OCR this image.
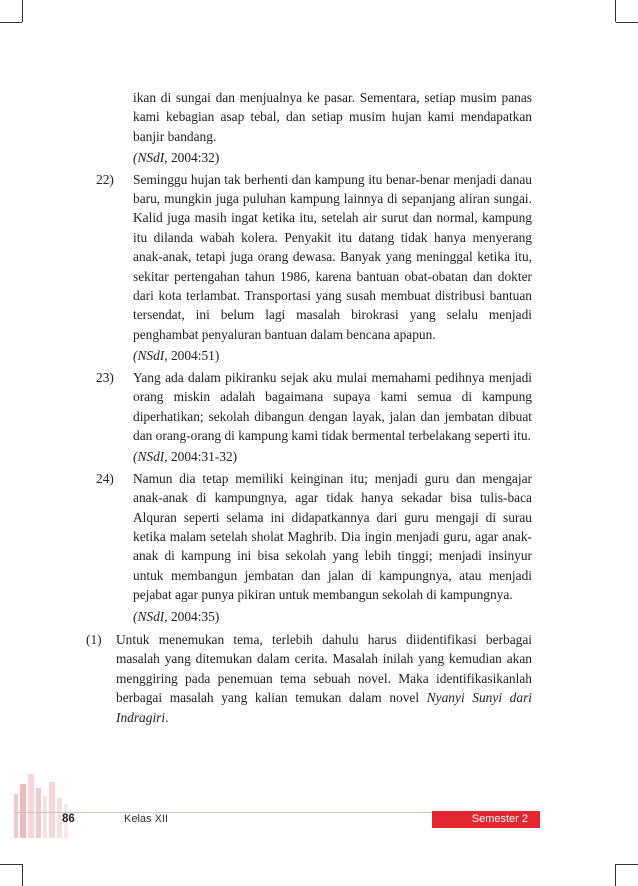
ikan di sungai dan menjualnya ke pasar. Sementara, setiap musim panas kami kebagian asap tebal, dan setiap musim hujan kami mendapatkan banjir bandang.
(NSdI, 2004:32)
22) Seminggu hujan tak berhenti dan kampung itu benar-benar menjadi danau baru, mungkin juga puluhan kampung lainnya di sepanjang aliran sungai. Kalid juga masih ingat ketika itu, setelah air surut dan normal, kampung itu dilanda wabah kolera. Penyakit itu datang tidak hanya menyerang anak-anak, tetapi juga orang dewasa. Banyak yang meninggal ketika itu, sekitar pertengahan tahun 1986, karena bantuan obat-obatan dan dokter dari kota terlambat. Transportasi yang susah membuat distribusi bantuan tersendat, ini belum lagi masalah birokrasi yang selalu menjadi penghambat penyaluran bantuan dalam bencana apapun.
(NSdI, 2004:51)
23) Yang ada dalam pikiranku sejak aku mulai memahami pedihnya menjadi orang miskin adalah bagaimana supaya kami semua di kampung diperhatikan; sekolah dibangun dengan layak, jalan dan jembatan dibuat dan orang-orang di kampung kami tidak bermental terbelakang seperti itu.
(NSdI, 2004:31-32)
24) Namun dia tetap memiliki keinginan itu; menjadi guru dan mengajar anak-anak di kampungnya, agar tidak hanya sekadar bisa tulis-baca Alquran seperti selama ini didapatkannya dari guru mengaji di surau ketika malam setelah sholat Maghrib. Dia ingin menjadi guru, agar anak-anak di kampung ini bisa sekolah yang lebih tinggi; menjadi insinyur untuk membangun jembatan dan jalan di kampungnya, atau menjadi pejabat agar punya pikiran untuk membangun sekolah di kampungnya.
(NSdI, 2004:35)
(1) Untuk menemukan tema, terlebih dahulu harus diidentifikasi berbagai masalah yang ditemukan dalam cerita. Masalah inilah yang kemudian akan menggiring pada penemuan tema sebuah novel. Maka identifikasikanlah berbagai masalah yang kalian temukan dalam novel Nyanyi Sunyi dari Indragiri.
86	Kelas XII	Semester 2
